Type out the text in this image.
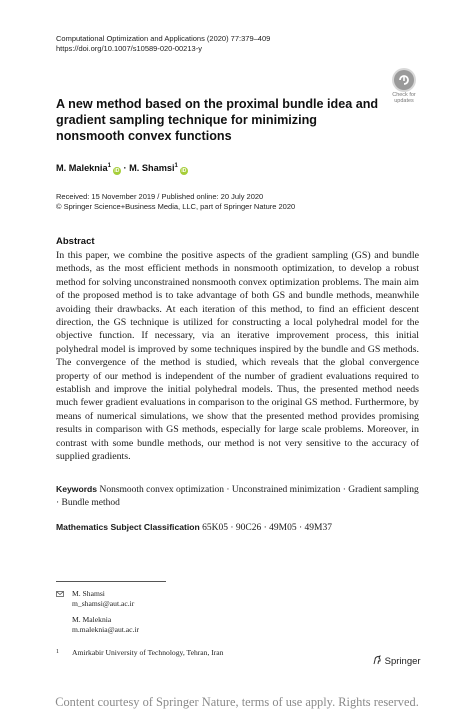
Computational Optimization and Applications (2020) 77:379–409
https://doi.org/10.1007/s10589-020-00213-y
Check for
updates
A new method based on the proximal bundle idea and gradient sampling technique for minimizing nonsmooth convex functions
M. Maleknia$^1$iD · M. Shamsi$^1$iD
Received: 15 November 2019 / Published online: 20 July 2020
© Springer Science+Business Media, LLC, part of Springer Nature 2020
Abstract
In this paper, we combine the positive aspects of the gradient sampling (GS) and bundle methods, as the most efficient methods in nonsmooth optimization, to develop a robust method for solving unconstrained nonsmooth convex optimization problems. The main aim of the proposed method is to take advantage of both GS and bundle methods, meanwhile avoiding their drawbacks. At each iteration of this method, to find an efficient descent direction, the GS technique is utilized for constructing a local polyhedral model for the objective function. If necessary, via an iterative improvement process, this initial polyhedral model is improved by some techniques inspired by the bundle and GS methods. The convergence of the method is studied, which reveals that the global convergence property of our method is independent of the number of gradient evaluations required to establish and improve the initial polyhedral models. Thus, the presented method needs much fewer gradient evaluations in comparison to the original GS method. Furthermore, by means of numerical simulations, we show that the presented method provides promising results in comparison with GS methods, especially for large scale problems. Moreover, in contrast with some bundle methods, our method is not very sensitive to the accuracy of supplied gradients.
Keywords Nonsmooth convex optimization · Unconstrained minimization · Gradient sampling · Bundle method
Mathematics Subject Classification 65K05 · 90C26 · 49M05 · 49M37
M. Shamsi
m_shamsi@aut.ac.ir
M. Maleknia
m.maleknia@aut.ac.ir
1 Amirkabir University of Technology, Tehran, Iran
Springer
Content courtesy of Springer Nature, terms of use apply. Rights reserved.
